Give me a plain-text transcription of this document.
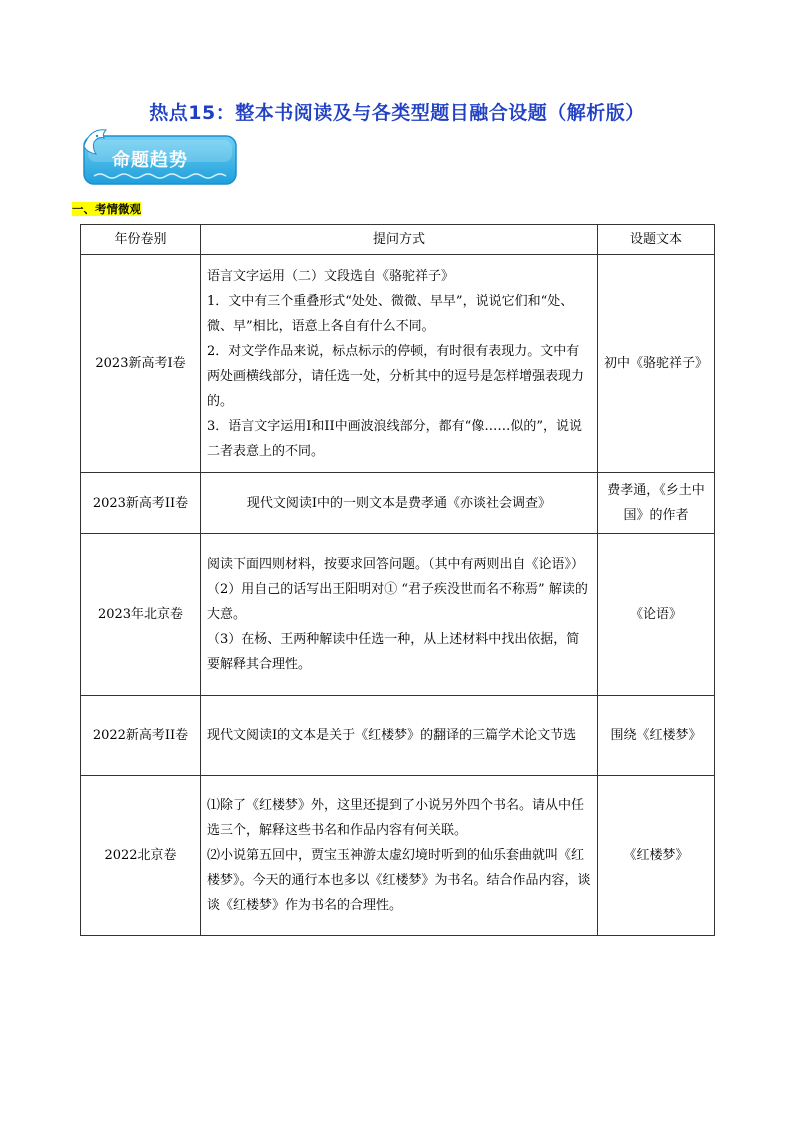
热点15：整本书阅读及与各类型题目融合设题（解析版）
命题趋势
一、考情微观
年份卷别	提问方式	设题文本
2023新高考I卷	语言文字运用（二）文段选自《骆驼祥子》

1．文中有三个重叠形式“处处、微微、早早”，说说它们和“处、微、早”相比，语意上各自有什么不同。

2．对文学作品来说，标点标示的停顿，有时很有表现力。文中有两处画横线部分，请任选一处，分析其中的逗号是怎样增强表现力的。

3．语言文字运用I和II中画波浪线部分，都有“像……似的”，说说二者表意上的不同。	初中《骆驼祥子》
2023新高考II卷	现代文阅读I中的一则文本是费孝通《亦谈社会调查》	费孝通，《乡土中国》的作者
2023年北京卷	阅读下面四则材料，按要求回答问题。（其中有两则出自《论语》）

（2）用自己的话写出王阳明对① “君子疾没世而名不称焉” 解读的大意。

（3）在杨、王两种解读中任选一种，从上述材料中找出依据，简要解释其合理性。	《论语》
2022新高考II卷	现代文阅读I的文本是关于《红楼梦》的翻译的三篇学术论文节选	围绕《红楼梦》
2022北京卷	⑴除了《红楼梦》外，这里还提到了小说另外四个书名。请从中任选三个，解释这些书名和作品内容有何关联。

⑵小说第五回中，贾宝玉神游太虚幻境时听到的仙乐套曲就叫《红楼梦》。今天的通行本也多以《红楼梦》为书名。结合作品内容，谈谈《红楼梦》作为书名的合理性。	《红楼梦》
